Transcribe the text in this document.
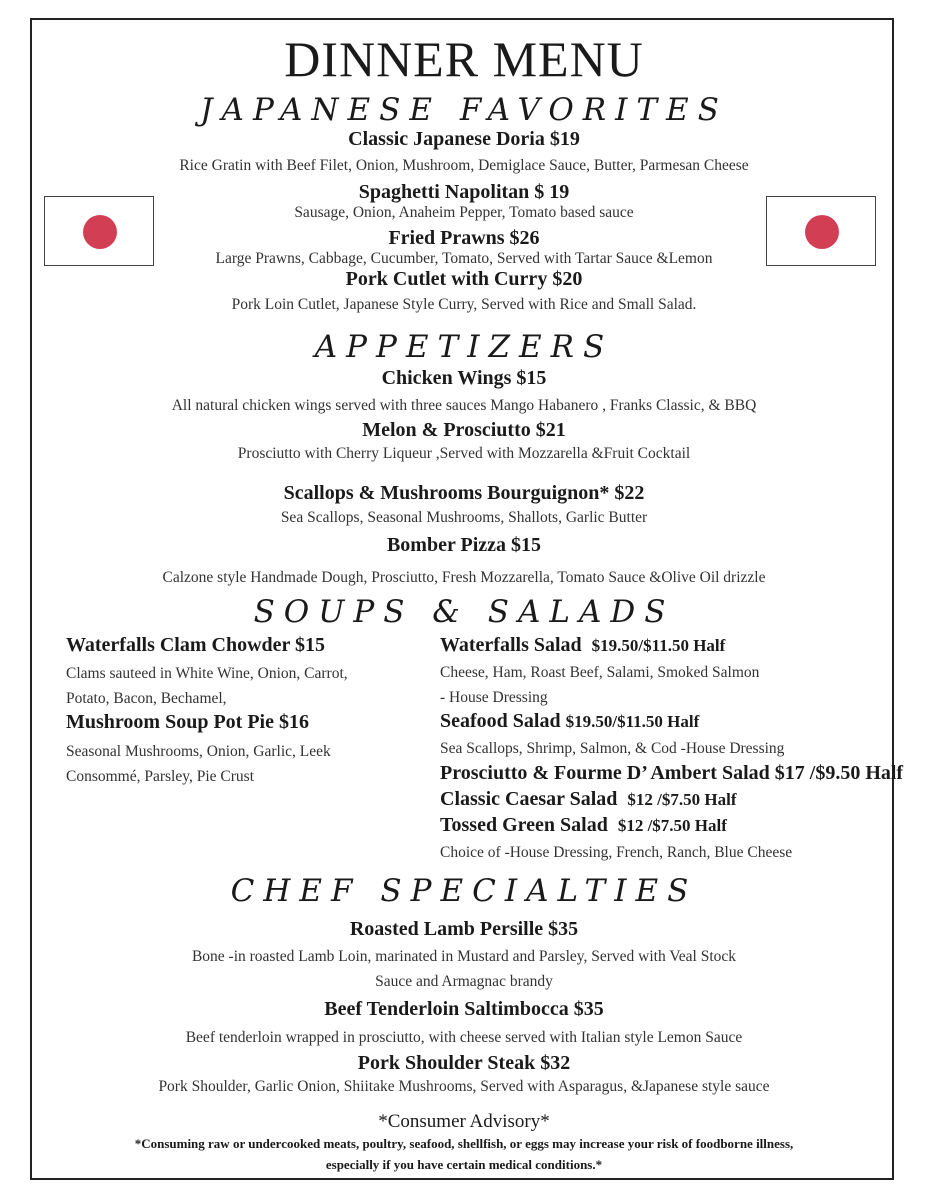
DINNER MENU
JAPANESE FAVORITES
Classic Japanese Doria $19
Rice Gratin with Beef Filet, Onion, Mushroom, Demiglace Sauce, Butter, Parmesan Cheese
Spaghetti Napolitan $ 19
Sausage, Onion, Anaheim Pepper, Tomato based sauce
Fried Prawns $26
Large Prawns, Cabbage, Cucumber, Tomato, Served with Tartar Sauce &Lemon
Pork Cutlet with Curry $20
Pork Loin Cutlet, Japanese Style Curry, Served with Rice and Small Salad.
APPETIZERS
Chicken Wings $15
All natural chicken wings served with three sauces Mango Habanero , Franks Classic, & BBQ
Melon & Prosciutto $21
Prosciutto with Cherry Liqueur ,Served with Mozzarella &Fruit Cocktail
Scallops & Mushrooms Bourguignon* $22
Sea Scallops, Seasonal Mushrooms, Shallots, Garlic Butter
Bomber Pizza $15
Calzone style Handmade Dough, Prosciutto, Fresh Mozzarella, Tomato Sauce &Olive Oil drizzle
SOUPS & SALADS
Waterfalls Clam Chowder $15
Clams sauteed in White Wine, Onion, Carrot,
Potato, Bacon, Bechamel,
Mushroom Soup Pot Pie $16
Seasonal Mushrooms, Onion, Garlic, Leek
Consommé, Parsley, Pie Crust
Waterfalls Salad $19.50/$11.50 Half
Cheese, Ham, Roast Beef, Salami, Smoked Salmon
- House Dressing
Seafood Salad $19.50/$11.50 Half
Sea Scallops, Shrimp, Salmon, & Cod -House Dressing
Prosciutto & Fourme D’ Ambert Salad $17 /$9.50 Half
Classic Caesar Salad $12 /$7.50 Half
Tossed Green Salad $12 /$7.50 Half
Choice of -House Dressing, French, Ranch, Blue Cheese
CHEF SPECIALTIES
Roasted Lamb Persille $35
Bone -in roasted Lamb Loin, marinated in Mustard and Parsley, Served with Veal Stock
Sauce and Armagnac brandy
Beef Tenderloin Saltimbocca $35
Beef tenderloin wrapped in prosciutto, with cheese served with Italian style Lemon Sauce
Pork Shoulder Steak $32
Pork Shoulder, Garlic Onion, Shiitake Mushrooms, Served with Asparagus, &Japanese style sauce
*Consumer Advisory*
*Consuming raw or undercooked meats, poultry, seafood, shellfish, or eggs may increase your risk of foodborne illness,
especially if you have certain medical conditions.*
